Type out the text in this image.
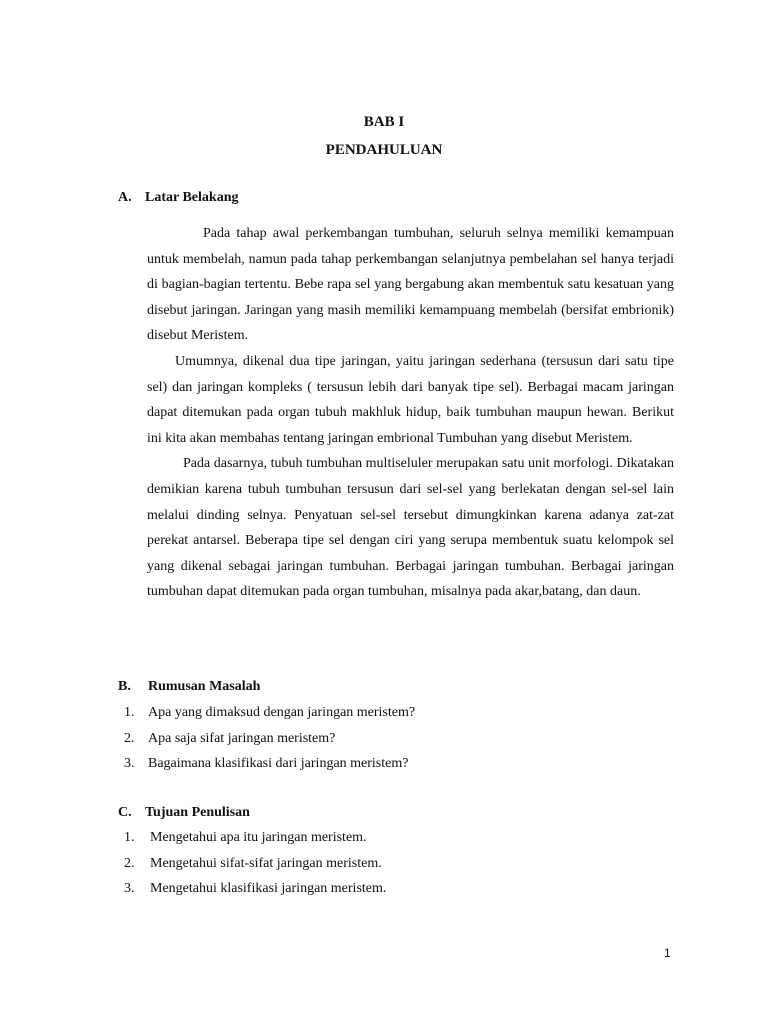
BAB I
PENDAHULUAN
A. Latar Belakang

Pada tahap awal perkembangan tumbuhan, seluruh selnya memiliki kemampuan untuk membelah, namun pada tahap perkembangan selanjutnya pembelahan sel hanya terjadi di bagian-bagian tertentu. Bebe rapa sel yang bergabung akan membentuk satu kesatuan yang disebut jaringan. Jaringan yang masih memiliki kemampuang membelah (bersifat embrionik) disebut Meristem.

Umumnya, dikenal dua tipe jaringan, yaitu jaringan sederhana (tersusun dari satu tipe sel) dan jaringan kompleks ( tersusun lebih dari banyak tipe sel). Berbagai macam jaringan dapat ditemukan pada organ tubuh makhluk hidup, baik tumbuhan maupun hewan. Berikut ini kita akan membahas tentang jaringan embrional Tumbuhan yang disebut Meristem.

Pada dasarnya, tubuh tumbuhan multiseluler merupakan satu unit morfologi. Dikatakan demikian karena tubuh tumbuhan tersusun dari sel-sel yang berlekatan dengan sel-sel lain melalui dinding selnya. Penyatuan sel-sel tersebut dimungkinkan karena adanya zat-zat perekat antarsel. Beberapa tipe sel dengan ciri yang serupa membentuk suatu kelompok sel yang dikenal sebagai jaringan tumbuhan. Berbagai jaringan tumbuhan. Berbagai jaringan tumbuhan dapat ditemukan pada organ tumbuhan, misalnya pada akar,batang, dan daun.

B. Rumusan Masalah
1. Apa yang dimaksud dengan jaringan meristem?
2. Apa saja sifat jaringan meristem?
3. Bagaimana klasifikasi dari jaringan meristem?
C. Tujuan Penulisan
1. Mengetahui apa itu jaringan meristem.
2. Mengetahui sifat-sifat jaringan meristem.
3. Mengetahui klasifikasi jaringan meristem.
1
